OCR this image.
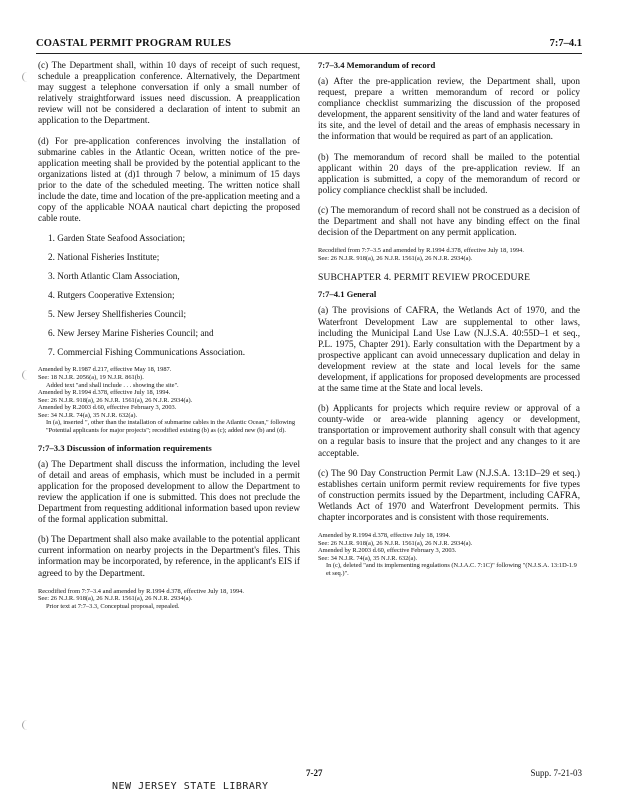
COASTAL PERMIT PROGRAM RULES	7:7–4.1

(c) The Department shall, within 10 days of receipt of such request, schedule a preapplication conference. Alternatively, the Department may suggest a telephone conversation if only a small number of relatively straightforward issues need discussion. A preapplication review will not be considered a declaration of intent to submit an application to the Department.

(d) For pre-application conferences involving the installation of submarine cables in the Atlantic Ocean, written notice of the pre-application meeting shall be provided by the potential applicant to the organizations listed at (d)1 through 7 below, a minimum of 15 days prior to the date of the scheduled meeting. The written notice shall include the date, time and location of the pre-application meeting and a copy of the applicable NOAA nautical chart depicting the proposed cable route.

1. Garden State Seafood Association;
2. National Fisheries Institute;
3. North Atlantic Clam Association,
4. Rutgers Cooperative Extension;
5. New Jersey Shellfisheries Council;
6. New Jersey Marine Fisheries Council; and
7. Commercial Fishing Communications Association.
Amended by R.1987 d.217, effective May 18, 1987.
See: 18 N.J.R. 2056(a), 19 N.J.R. 861(b).
Added text "and shall include . . . showing the site".
Amended by R.1994 d.378, effective July 18, 1994.
See: 26 N.J.R. 918(a), 26 N.J.R. 1561(a), 26 N.J.R. 2934(a).
Amended by R.2003 d.60, effective February 3, 2003.
See: 34 N.J.R. 74(a), 35 N.J.R. 632(a).
In (a), inserted ", other than the installation of submarine cables in the Atlantic Ocean," following "Potential applicants for major projects"; recodified existing (b) as (c); added new (b) and (d).
7:7–3.3 Discussion of information requirements

(a) The Department shall discuss the information, including the level of detail and areas of emphasis, which must be included in a permit application for the proposed development to allow the Department to review the application if one is submitted. This does not preclude the Department from requesting additional information based upon review of the formal application submittal.

(b) The Department shall also make available to the potential applicant current information on nearby projects in the Department's files. This information may be incorporated, by reference, in the applicant's EIS if agreed to by the Department.

Recodified from 7:7–3.4 and amended by R.1994 d.378, effective July 18, 1994.
See: 26 N.J.R. 918(a), 26 N.J.R. 1561(a), 26 N.J.R. 2934(a).
Prior text at 7:7–3.3, Conceptual proposal, repealed.
7:7–3.4 Memorandum of record

(a) After the pre-application review, the Department shall, upon request, prepare a written memorandum of record or policy compliance checklist summarizing the discussion of the proposed development, the apparent sensitivity of the land and water features of its site, and the level of detail and the areas of emphasis necessary in the information that would be required as part of an application.

(b) The memorandum of record shall be mailed to the potential applicant within 20 days of the pre-application review. If an application is submitted, a copy of the memorandum of record or policy compliance checklist shall be included.

(c) The memorandum of record shall not be construed as a decision of the Department and shall not have any binding effect on the final decision of the Department on any permit application.

Recodified from 7:7–3.5 and amended by R.1994 d.378, effective July 18, 1994.
See: 26 N.J.R. 918(a), 26 N.J.R. 1561(a), 26 N.J.R. 2934(a).
SUBCHAPTER 4. PERMIT REVIEW PROCEDURE
7:7–4.1 General

(a) The provisions of CAFRA, the Wetlands Act of 1970, and the Waterfront Development Law are supplemental to other laws, including the Municipal Land Use Law (N.J.S.A. 40:55D–1 et seq., P.L. 1975, Chapter 291). Early consultation with the Department by a prospective applicant can avoid unnecessary duplication and delay in development review at the state and local levels for the same development, if applications for proposed developments are processed at the same time at the State and local levels.

(b) Applicants for projects which require review or approval of a county-wide or area-wide planning agency or development, transportation or improvement authority shall consult with that agency on a regular basis to insure that the project and any changes to it are acceptable.

(c) The 90 Day Construction Permit Law (N.J.S.A. 13:1D–29 et seq.) establishes certain uniform permit review requirements for five types of construction permits issued by the Department, including CAFRA, Wetlands Act of 1970 and Waterfront Development permits. This chapter incorporates and is consistent with those requirements.

Amended by R.1994 d.378, effective July 18, 1994.
See: 26 N.J.R. 918(a), 26 N.J.R. 1561(a), 26 N.J.R. 2934(a).
Amended by R.2003 d.60, effective February 3, 2003.
See: 34 N.J.R. 74(a), 35 N.J.R. 632(a).
In (c), deleted "and its implementing regulations (N.J.A.C. 7:1C)" following "(N.J.S.A. 13:1D-1.9 et seq.)".
7-27	Supp. 7-21-03
NEW JERSEY STATE LIBRARY
